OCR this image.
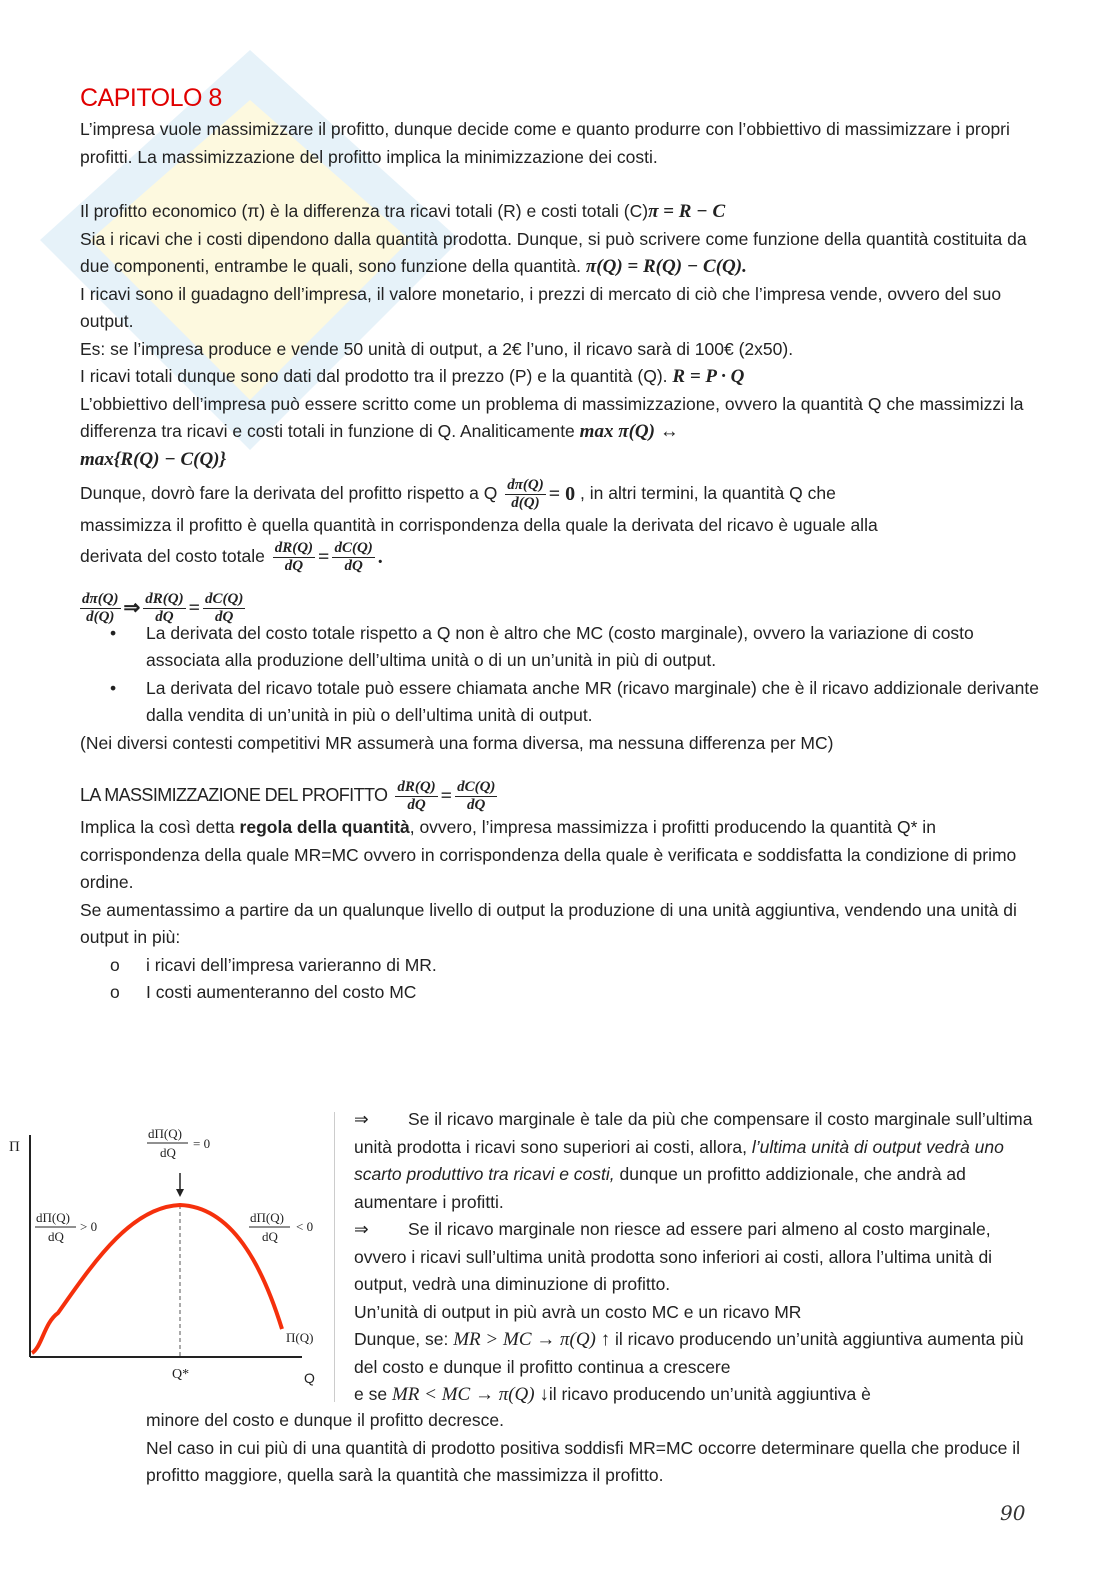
CAPITOLO 8

L’impresa vuole massimizzare il profitto, dunque decide come e quanto produrre con l’obbiettivo di massimizzare i propri profitti. La massimizzazione del profitto implica la minimizzazione dei costi.

Il profitto economico (π) è la differenza tra ricavi totali (R) e costi totali (C)π = R − C

Sia i ricavi che i costi dipendono dalla quantità prodotta. Dunque, si può scrivere come funzione della quantità costituita da due componenti, entrambe le quali, sono funzione della quantità. π(Q) = R(Q) − C(Q).

I ricavi sono il guadagno dell’impresa, il valore monetario, i prezzi di mercato di ciò che l’impresa vende, ovvero del suo output.

Es: se l’impresa produce e vende 50 unità di output, a 2€ l’uno, il ricavo sarà di 100€ (2x50).

I ricavi totali dunque sono dati dal prodotto tra il prezzo (P) e la quantità (Q). R = P · Q

L’obbiettivo dell’impresa può essere scritto come un problema di massimizzazione, ovvero la quantità Q che massimizzi la differenza tra ricavi e costi totali in funzione di Q. Analiticamente max π(Q) ↔
max{R(Q) − C(Q)}

Dunque, dovrò fare la derivata del profitto rispetto a Q $\frac{d\pi(Q)}{d(Q)} = 0$ , in altri termini, la quantità Q che
massimizza il profitto è quella quantità in corrispondenza della quale la derivata del ricavo è uguale alla
derivata del costo totale $\frac{dR(Q)}{dQ} = \frac{dC(Q)}{dQ}$ .

$\frac{d\pi(Q)}{d(Q)}$ ⇒ $\frac{dR(Q)}{dQ} = \frac{dC(Q)}{dQ}$

• La derivata del costo totale rispetto a Q non è altro che MC (costo marginale), ovvero la variazione di costo associata alla produzione dell’ultima unità o di un un’unità in più di output.
• La derivata del ricavo totale può essere chiamata anche MR (ricavo marginale) che è il ricavo addizionale derivante dalla vendita di un’unità in più o dell’ultima unità di output.

(Nei diversi contesti competitivi MR assumerà una forma diversa, ma nessuna differenza per MC)

LA MASSIMIZZAZIONE DEL PROFITTO $\frac{dR(Q)}{dQ} = \frac{dC(Q)}{dQ}$

Implica la così detta regola della quantità, ovvero, l’impresa massimizza i profitti producendo la quantità Q* in corrispondenza della quale MR=MC ovvero in corrispondenza della quale è verificata e soddisfatta la condizione di primo ordine.

Se aumentassimo a partire da un qualunque livello di output la produzione di una unità aggiuntiva, vendendo una unità di output in più:

o i ricavi dell’impresa varieranno di MR.
o I costi aumenteranno del costo MC
Π
dΠ(Q)
dQ
= 0
dΠ(Q)
dQ
> 0
dΠ(Q)
dQ
< 0
Π(Q)
Q*	Q

⇒ Se il ricavo marginale è tale da più che compensare il costo marginale sull’ultima unità prodotta i ricavi sono superiori ai costi, allora, l’ultima unità di output vedrà uno scarto produttivo tra ricavi e costi, dunque un profitto addizionale, che andrà ad aumentare i profitti.

⇒ Se il ricavo marginale non riesce ad essere pari almeno al costo marginale, ovvero i ricavi sull’ultima unità prodotta sono inferiori ai costi, allora l’ultima unità di output, vedrà una diminuzione di profitto.

Un’unità di output in più avrà un costo MC e un ricavo MR

Dunque, se: MR > MC → π(Q) ↑ il ricavo producendo un’unità aggiuntiva aumenta più del costo e dunque il profitto continua a crescere

e se MR < MC → π(Q) ↓il ricavo producendo un’unità aggiuntiva è

minore del costo e dunque il profitto decresce.

Nel caso in cui più di una quantità di prodotto positiva soddisfi MR=MC occorre determinare quella che produce il profitto maggiore, quella sarà la quantità che massimizza il profitto.

90
